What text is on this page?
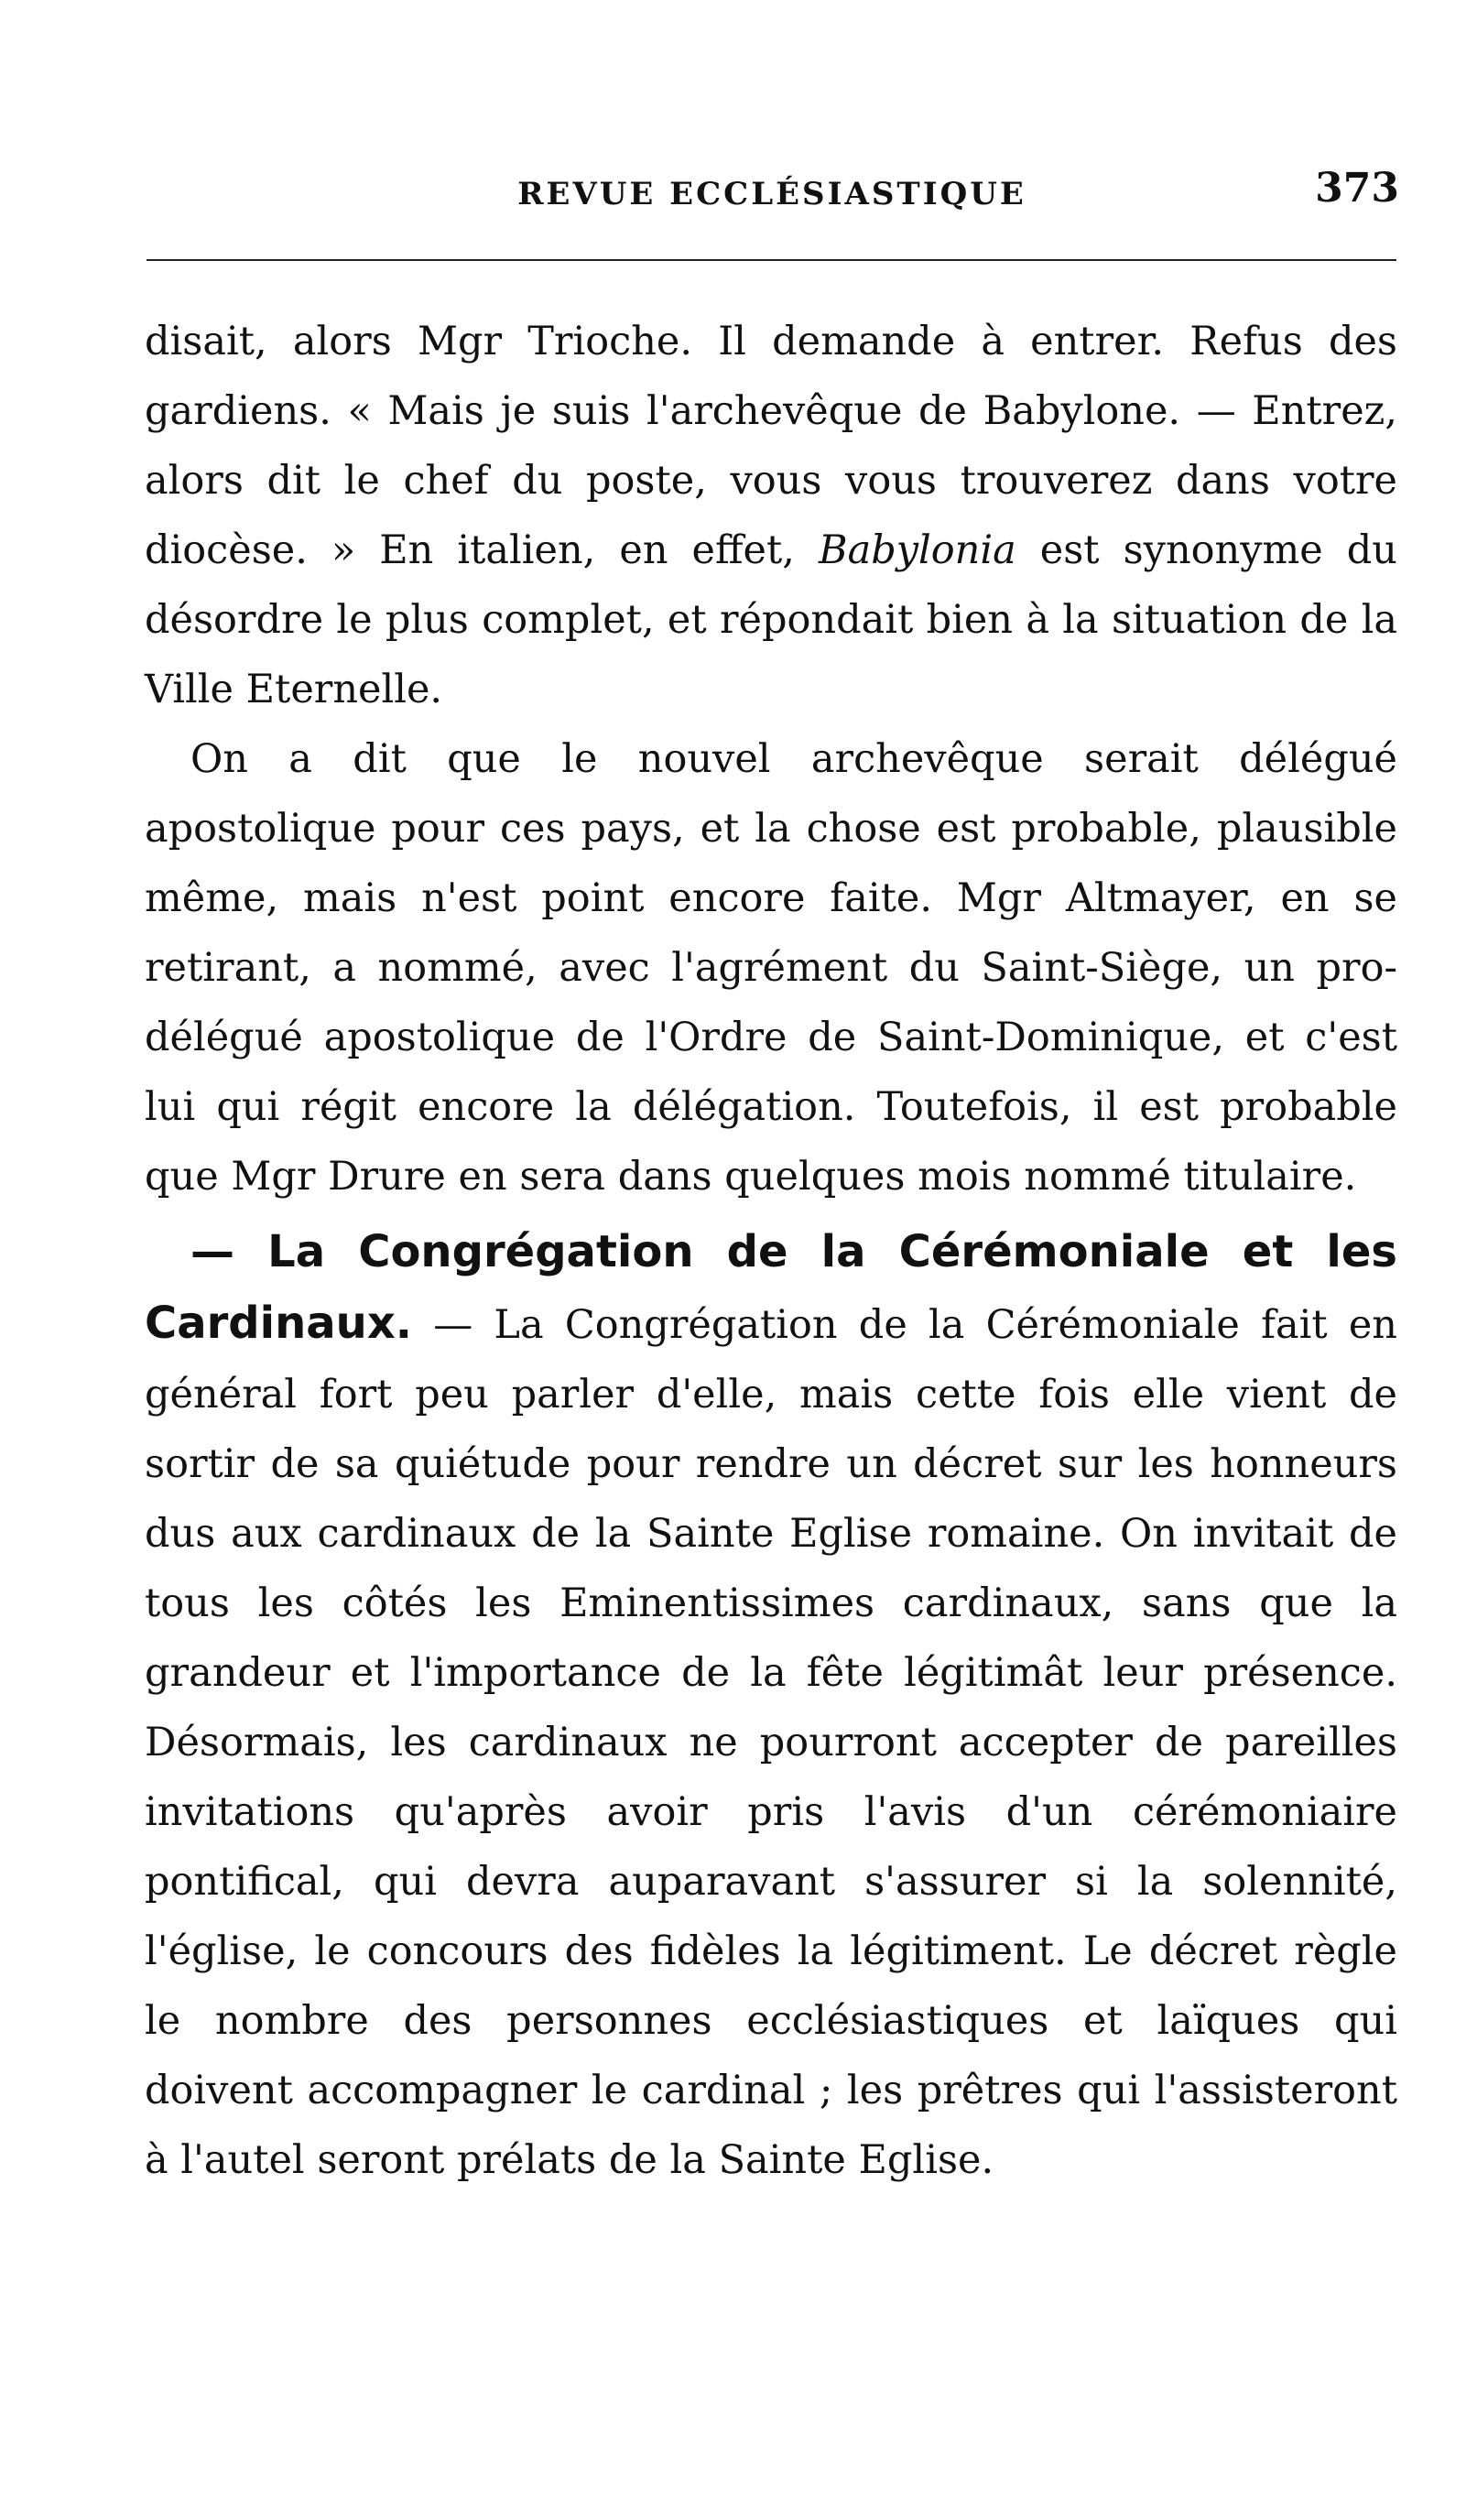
REVUE ECCLÉSIASTIQUE	373

disait, alors Mgr Trioche. Il demande à entrer. Refus des gardiens. « Mais je suis l'archevêque de Babylone. — Entrez, alors dit le chef du poste, vous vous trouverez dans votre diocèse. » En italien, en effet, Babylonia est synonyme du désordre le plus complet, et répondait bien à la situation de la Ville Eternelle.

On a dit que le nouvel archevêque serait délégué apostolique pour ces pays, et la chose est probable, plausible même, mais n'est point encore faite. Mgr Altmayer, en se retirant, a nommé, avec l'agrément du Saint-Siège, un pro-délégué apostolique de l'Ordre de Saint-Dominique, et c'est lui qui régit encore la délégation. Toutefois, il est probable que Mgr Drure en sera dans quelques mois nommé titulaire.

— La Congrégation de la Cérémoniale et les Cardinaux. — La Congrégation de la Cérémoniale fait en général fort peu parler d'elle, mais cette fois elle vient de sortir de sa quiétude pour rendre un décret sur les honneurs dus aux cardinaux de la Sainte Eglise romaine. On invitait de tous les côtés les Eminentissimes cardinaux, sans que la grandeur et l'importance de la fête légitimât leur présence. Désormais, les cardinaux ne pourront accepter de pareilles invitations qu'après avoir pris l'avis d'un cérémoniaire pontifical, qui devra auparavant s'assurer si la solennité, l'église, le concours des fidèles la légitiment. Le décret règle le nombre des personnes ecclésiastiques et laïques qui doivent accompagner le cardinal ; les prêtres qui l'assisteront à l'autel seront prélats de la Sainte Eglise.
